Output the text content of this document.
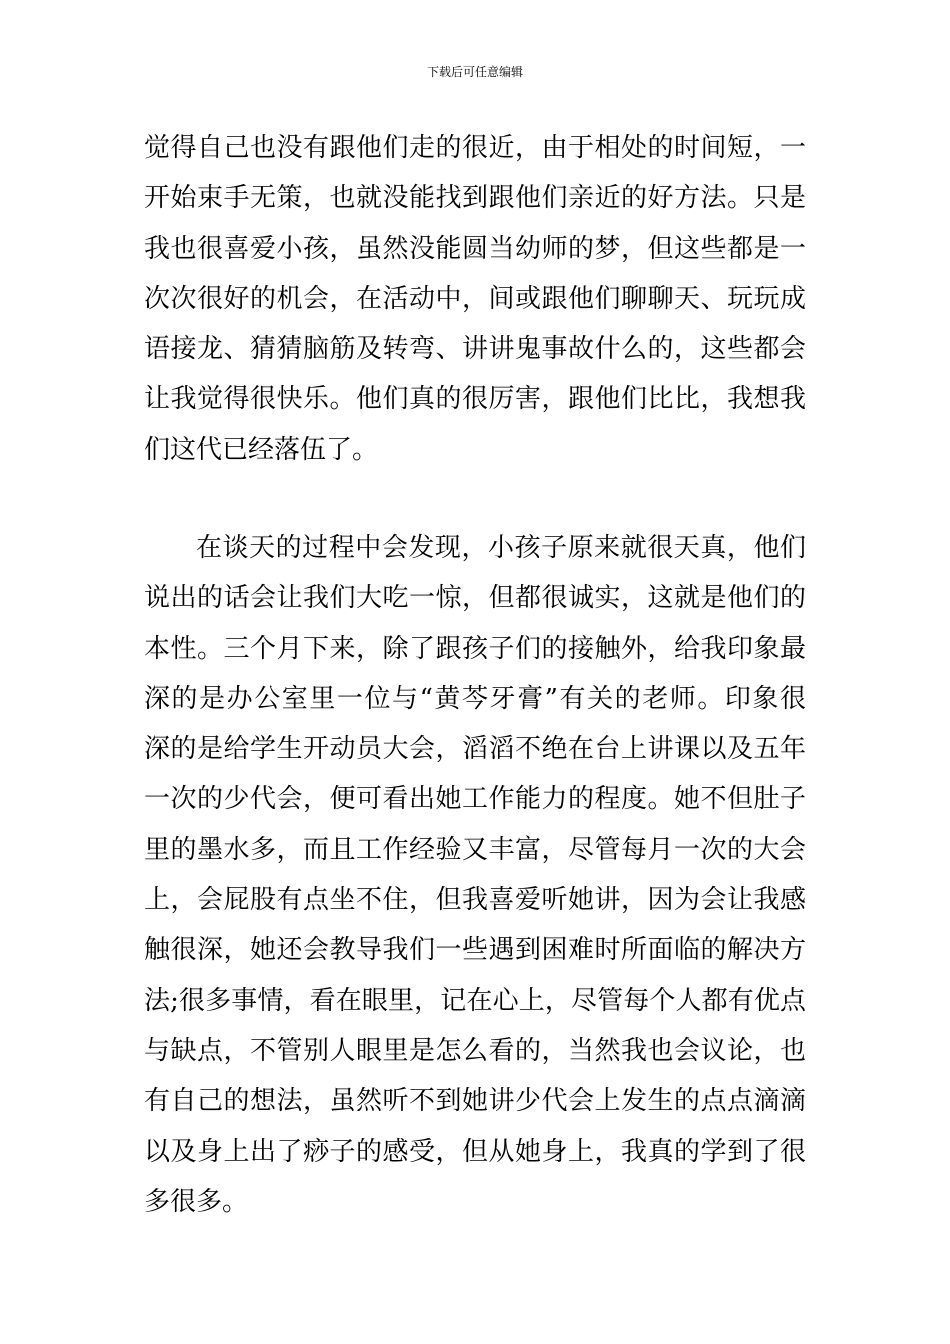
下载后可任意编辑
觉得自己也没有跟他们走的很近，由于相处的时间短，一
开始束手无策，也就没能找到跟他们亲近的好方法。只是
我也很喜爱小孩，虽然没能圆当幼师的梦，但这些都是一
次次很好的机会，在活动中，间或跟他们聊聊天、玩玩成
语接龙、猜猜脑筋及转弯、讲讲鬼事故什么的，这些都会
让我觉得很快乐。他们真的很厉害，跟他们比比，我想我
们这代已经落伍了。
在谈天的过程中会发现，小孩子原来就很天真，他们
说出的话会让我们大吃一惊，但都很诚实，这就是他们的
本性。三个月下来，除了跟孩子们的接触外，给我印象最
深的是办公室里一位与“黄芩牙膏”有关的老师。印象很
深的是给学生开动员大会，滔滔不绝在台上讲课以及五年
一次的少代会，便可看出她工作能力的程度。她不但肚子
里的墨水多，而且工作经验又丰富，尽管每月一次的大会
上，会屁股有点坐不住，但我喜爱听她讲，因为会让我感
触很深，她还会教导我们一些遇到困难时所面临的解决方
法;很多事情，看在眼里，记在心上，尽管每个人都有优点
与缺点，不管别人眼里是怎么看的，当然我也会议论，也
有自己的想法，虽然听不到她讲少代会上发生的点点滴滴
以及身上出了痧子的感受，但从她身上，我真的学到了很
多很多。
